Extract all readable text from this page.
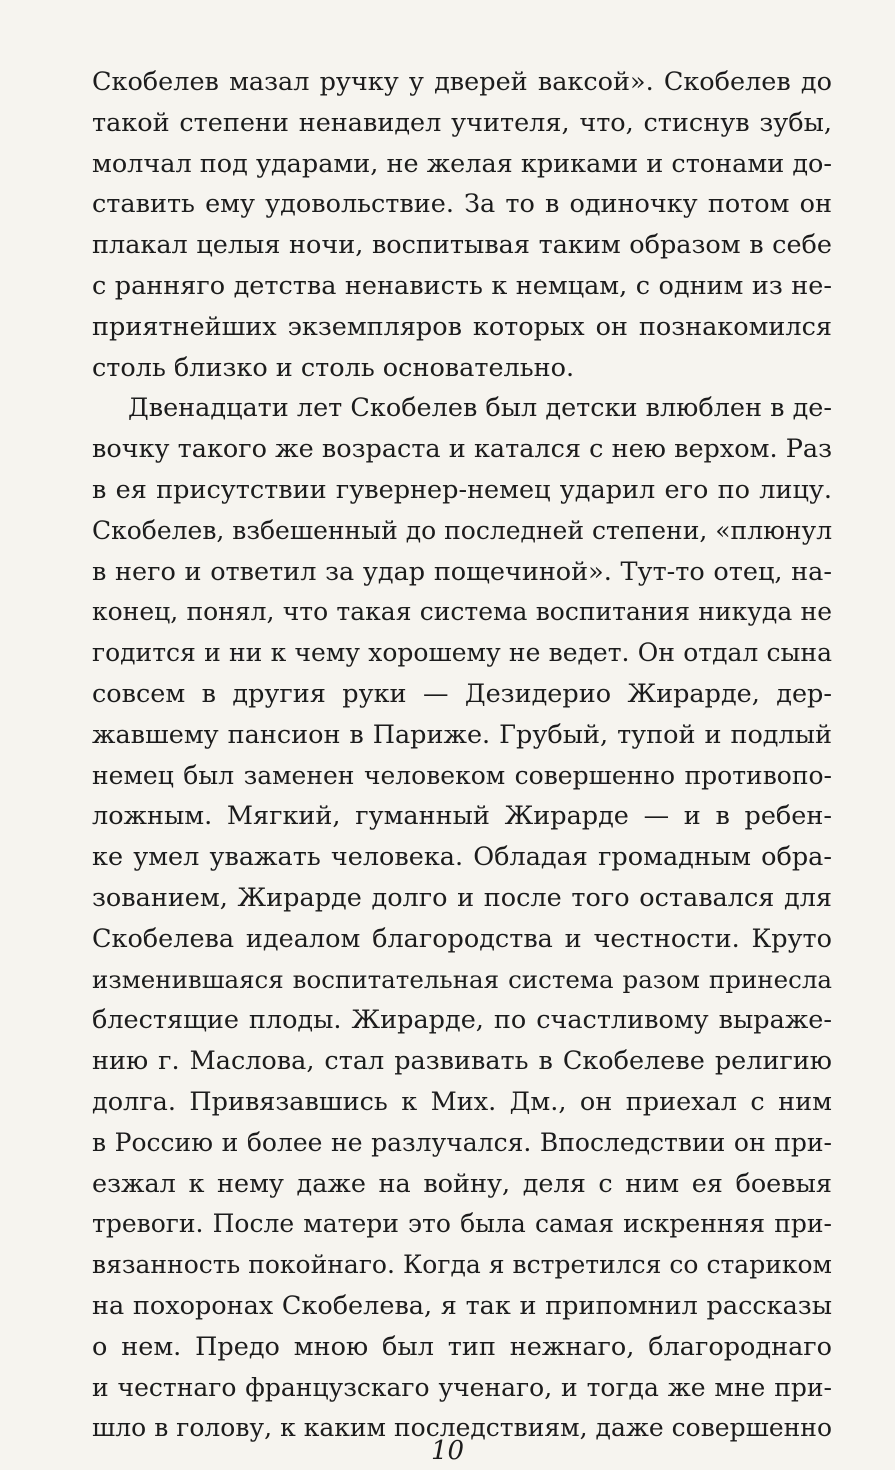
Скобелев мазал ручку у дверей ваксой». Скобелев до
такой степени ненавидел учителя, что, стиснув зубы,
молчал под ударами, не желая криками и стонами до-
ставить ему удовольствие. За то в одиночку потом он
плакал целыя ночи, воспитывая таким образом в себе
с ранняго детства ненависть к немцам, с одним из не-
приятнейших экземпляров которых он познакомился
столь близко и столь основательно.

Двенадцати лет Скобелев был детски влюблен в де-
вочку такого же возраста и катался с нею верхом. Раз
в ея присутствии гувернер-немец ударил его по лицу.
Скобелев, взбешенный до последней степени, «плюнул
в него и ответил за удар пощечиной». Тут-то отец, на-
конец, понял, что такая система воспитания никуда не
годится и ни к чему хорошему не ведет. Он отдал сына
совсем в другия руки — Дезидерио Жирарде, дер-
жавшему пансион в Париже. Грубый, тупой и подлый
немец был заменен человеком совершенно противопо-
ложным. Мягкий, гуманный Жирарде — и в ребен-
ке умел уважать человека. Обладая громадным обра-
зованием, Жирарде долго и после того оставался для
Скобелева идеалом благородства и честности. Круто
изменившаяся воспитательная система разом принесла
блестящие плоды. Жирарде, по счастливому выраже-
нию г. Маслова, стал развивать в Скобелеве религию
долга. Привязавшись к Мих. Дм., он приехал с ним
в Россию и более не разлучался. Впоследствии он при-
езжал к нему даже на войну, деля с ним ея боевыя
тревоги. После матери это была самая искренняя при-
вязанность покойнаго. Когда я встретился со стариком
на похоронах Скобелева, я так и припомнил рассказы
о нем. Предо мною был тип нежнаго, благороднаго
и честнаго французскаго ученаго, и тогда же мне при-
шло в голову, к каким последствиям, даже совершенно

10
